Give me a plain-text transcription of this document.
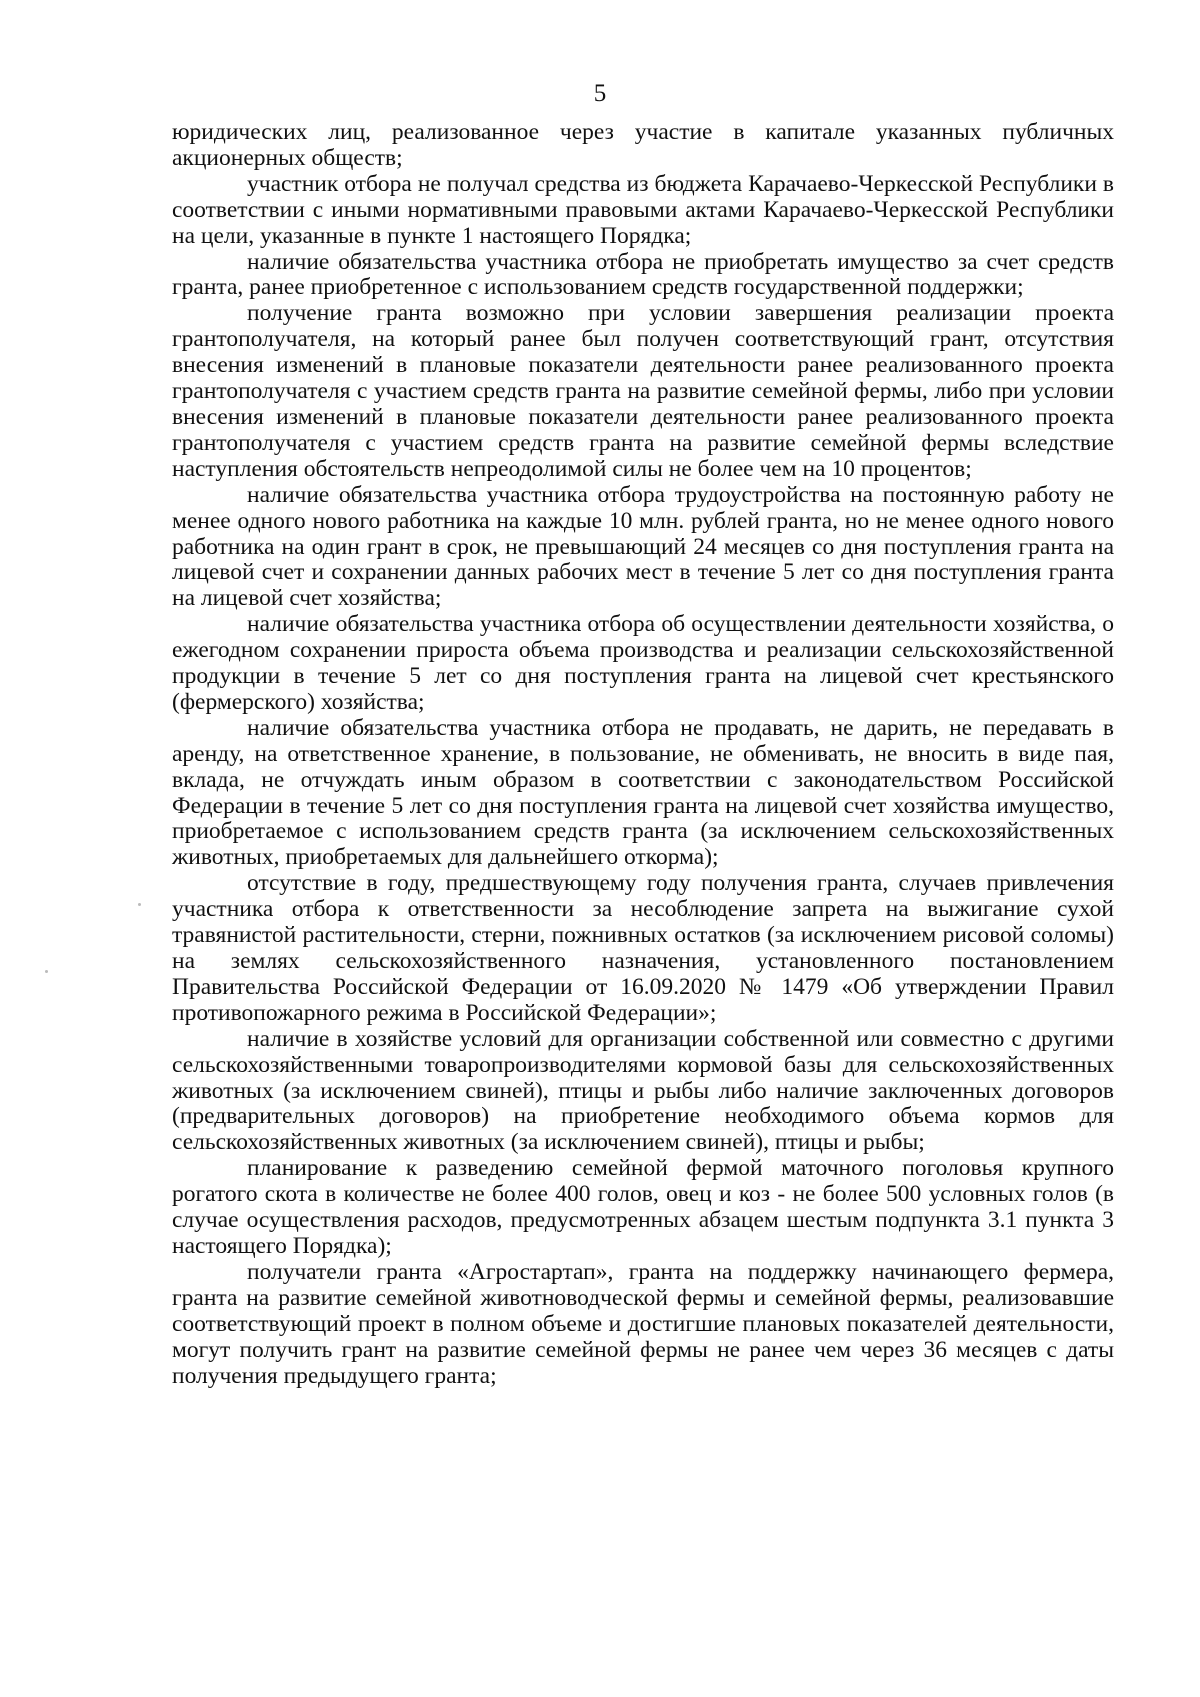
5

юридических лиц, реализованное через участие в капитале указанных публичных акционерных обществ;

участник отбора не получал средства из бюджета Карачаево-Черкесской Республики в соответствии с иными нормативными правовыми актами Карачаево-Черкесской Республики на цели, указанные в пункте 1 настоящего Порядка;

наличие обязательства участника отбора не приобретать имущество за счет средств гранта, ранее приобретенное с использованием средств государственной поддержки;

получение гранта возможно при условии завершения реализации проекта грантополучателя, на который ранее был получен соответствующий грант, отсутствия внесения изменений в плановые показатели деятельности ранее реализованного проекта грантополучателя с участием средств гранта на развитие семейной фермы, либо при условии внесения изменений в плановые показатели деятельности ранее реализованного проекта грантополучателя с участием средств гранта на развитие семейной фермы вследствие наступления обстоятельств непреодолимой силы не более чем на 10 процентов;

наличие обязательства участника отбора трудоустройства на постоянную работу не менее одного нового работника на каждые 10 млн. рублей гранта, но не менее одного нового работника на один грант в срок, не превышающий 24 месяцев со дня поступления гранта на лицевой счет и сохранении данных рабочих мест в течение 5 лет со дня поступления гранта на лицевой счет хозяйства;

наличие обязательства участника отбора об осуществлении деятельности хозяйства, о ежегодном сохранении прироста объема производства и реализации сельскохозяйственной продукции в течение 5 лет со дня поступления гранта на лицевой счет крестьянского (фермерского) хозяйства;

наличие обязательства участника отбора не продавать, не дарить, не передавать в аренду, на ответственное хранение, в пользование, не обменивать, не вносить в виде пая, вклада, не отчуждать иным образом в соответствии с законодательством Российской Федерации в течение 5 лет со дня поступления гранта на лицевой счет хозяйства имущество, приобретаемое с использованием средств гранта (за исключением сельскохозяйственных животных, приобретаемых для дальнейшего откорма);

отсутствие в году, предшествующему году получения гранта, случаев привлечения участника отбора к ответственности за несоблюдение запрета на выжигание сухой травянистой растительности, стерни, пожнивных остатков (за исключением рисовой соломы) на землях сельскохозяйственного назначения, установленного постановлением Правительства Российской Федерации от 16.09.2020 № 1479 «Об утверждении Правил противопожарного режима в Российской Федерации»;

наличие в хозяйстве условий для организации собственной или совместно с другими сельскохозяйственными товаропроизводителями кормовой базы для сельскохозяйственных животных (за исключением свиней), птицы и рыбы либо наличие заключенных договоров (предварительных договоров) на приобретение необходимого объема кормов для сельскохозяйственных животных (за исключением свиней), птицы и рыбы;

планирование к разведению семейной фермой маточного поголовья крупного рогатого скота в количестве не более 400 голов, овец и коз - не более 500 условных голов (в случае осуществления расходов, предусмотренных абзацем шестым подпункта 3.1 пункта 3 настоящего Порядка);

получатели гранта «Агростартап», гранта на поддержку начинающего фермера, гранта на развитие семейной животноводческой фермы и семейной фермы, реализовавшие соответствующий проект в полном объеме и достигшие плановых показателей деятельности, могут получить грант на развитие семейной фермы не ранее чем через 36 месяцев с даты получения предыдущего гранта;
